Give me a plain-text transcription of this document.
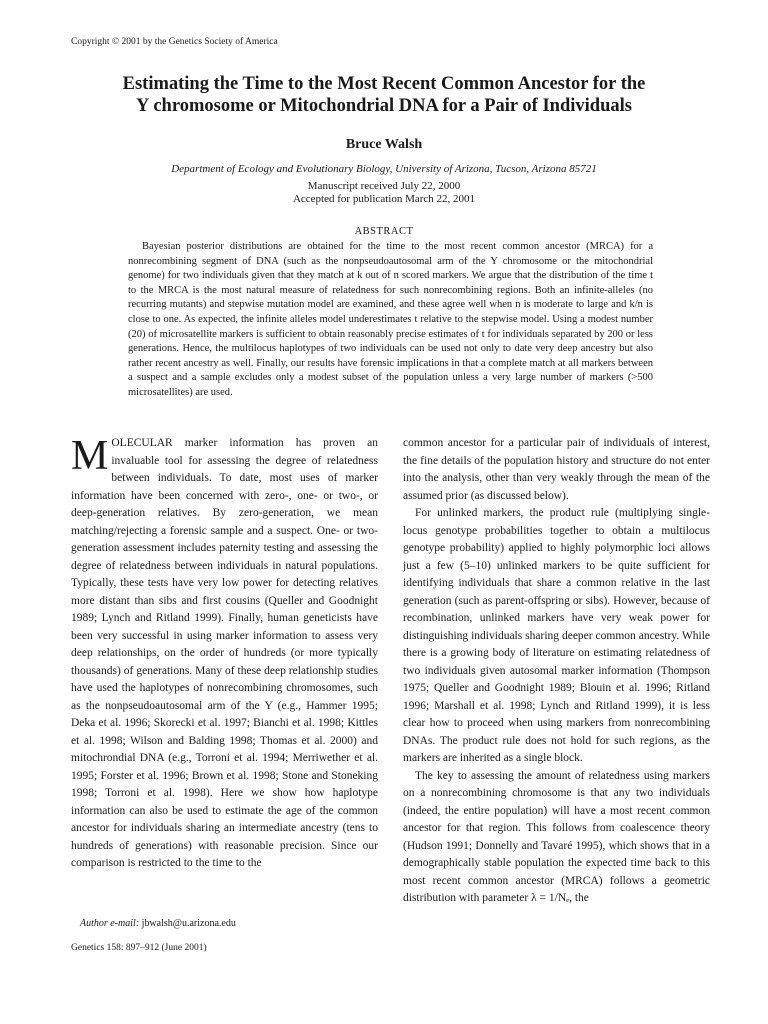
Copyright © 2001 by the Genetics Society of America
Estimating the Time to the Most Recent Common Ancestor for the
Y chromosome or Mitochondrial DNA for a Pair of Individuals
Bruce Walsh
Department of Ecology and Evolutionary Biology, University of Arizona, Tucson, Arizona 85721
Manuscript received July 22, 2000
Accepted for publication March 22, 2001
ABSTRACT

Bayesian posterior distributions are obtained for the time to the most recent common ancestor (MRCA) for a nonrecombining segment of DNA (such as the nonpseudoautosomal arm of the Y chromosome or the mitochondrial genome) for two individuals given that they match at k out of n scored markers. We argue that the distribution of the time t to the MRCA is the most natural measure of relatedness for such nonrecombining regions. Both an infinite-alleles (no recurring mutants) and stepwise mutation model are examined, and these agree well when n is moderate to large and k/n is close to one. As expected, the infinite alleles model underestimates t relative to the stepwise model. Using a modest number (20) of microsatellite markers is sufficient to obtain reasonably precise estimates of t for individuals separated by 200 or less generations. Hence, the multilocus haplotypes of two individuals can be used not only to date very deep ancestry but also rather recent ancestry as well. Finally, our results have forensic implications in that a complete match at all markers between a suspect and a sample excludes only a modest subset of the population unless a very large number of markers (>500 microsatellites) are used.

MOLECULAR marker information has proven an invaluable tool for assessing the degree of relatedness between individuals. To date, most uses of marker information have been concerned with zero-, one- or two-, or deep-generation relatives. By zero-generation, we mean matching/rejecting a forensic sample and a suspect. One- or two-generation assessment includes paternity testing and assessing the degree of relatedness between individuals in natural populations. Typically, these tests have very low power for detecting relatives more distant than sibs and first cousins (Queller and Goodnight 1989; Lynch and Ritland 1999). Finally, human geneticists have been very successful in using marker information to assess very deep relationships, on the order of hundreds (or more typically thousands) of generations. Many of these deep relationship studies have used the haplotypes of nonrecombining chromosomes, such as the nonpseudoautosomal arm of the Y (e.g., Hammer 1995; Deka et al. 1996; Skorecki et al. 1997; Bianchi et al. 1998; Kittles et al. 1998; Wilson and Balding 1998; Thomas et al. 2000) and mitochrondial DNA (e.g., Torroni et al. 1994; Merriwether et al. 1995; Forster et al. 1996; Brown et al. 1998; Stone and Stoneking 1998; Torroni et al. 1998). Here we show how haplotype information can also be used to estimate the age of the common ancestor for individuals sharing an intermediate ancestry (tens to hundreds of generations) with reasonable precision. Since our comparison is restricted to the time to the

common ancestor for a particular pair of individuals of interest, the fine details of the population history and structure do not enter into the analysis, other than very weakly through the mean of the assumed prior (as discussed below).

For unlinked markers, the product rule (multiplying single-locus genotype probabilities together to obtain a multilocus genotype probability) applied to highly polymorphic loci allows just a few (5–10) unlinked markers to be quite sufficient for identifying individuals that share a common relative in the last generation (such as parent-offspring or sibs). However, because of recombination, unlinked markers have very weak power for distinguishing individuals sharing deeper common ancestry. While there is a growing body of literature on estimating relatedness of two individuals given autosomal marker information (Thompson 1975; Queller and Goodnight 1989; Blouin et al. 1996; Ritland 1996; Marshall et al. 1998; Lynch and Ritland 1999), it is less clear how to proceed when using markers from nonrecombining DNAs. The product rule does not hold for such regions, as the markers are inherited as a single block.

The key to assessing the amount of relatedness using markers on a nonrecombining chromosome is that any two individuals (indeed, the entire population) will have a most recent common ancestor for that region. This follows from coalescence theory (Hudson 1991; Donnelly and Tavaré 1995), which shows that in a demographically stable population the expected time back to this most recent common ancestor (MRCA) follows a geometric distribution with parameter λ = 1/Nₑ, the

Author e-mail: jbwalsh@u.arizona.edu
Genetics 158: 897–912 (June 2001)
